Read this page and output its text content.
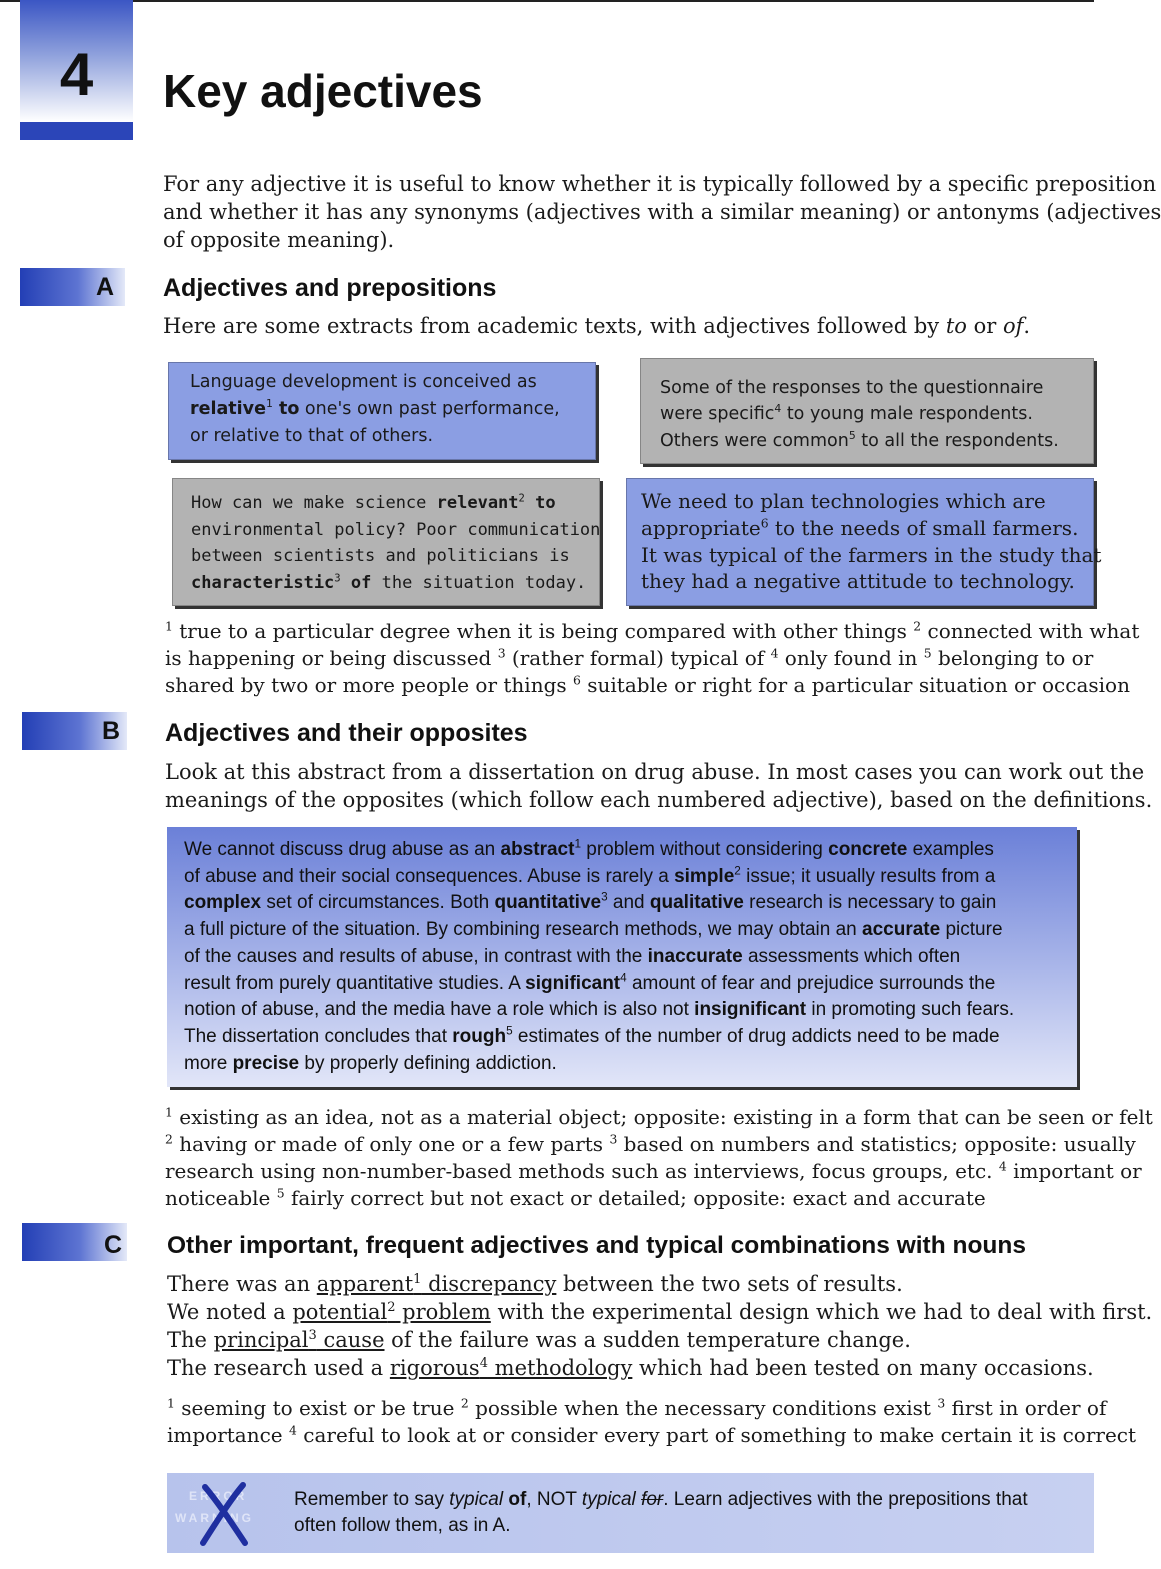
4	Key adjectives
For any adjective it is useful to know whether it is typically followed by a specific preposition
and whether it has any synonyms (adjectives with a similar meaning) or antonyms (adjectives
of opposite meaning).
A Adjectives and prepositions
Here are some extracts from academic texts, with adjectives followed by to or of.
Language development is conceived as
relative$^1$ to one's own past performance,
or relative to that of others.
Some of the responses to the questionnaire
were specific$^4$ to young male respondents.
Others were common$^5$ to all the respondents.
How can we make science relevant$^2$ to
environmental policy? Poor communication
between scientists and politicians is
characteristic$^3$ of the situation today.
We need to plan technologies which are
appropriate$^6$ to the needs of small farmers.
It was typical of the farmers in the study that
they had a negative attitude to technology.
$^1$ true to a particular degree when it is being compared with other things $^2$ connected with what
is happening or being discussed $^3$ (rather formal) typical of $^4$ only found in $^5$ belonging to or
shared by two or more people or things $^6$ suitable or right for a particular situation or occasion
B Adjectives and their opposites
Look at this abstract from a dissertation on drug abuse. In most cases you can work out the
meanings of the opposites (which follow each numbered adjective), based on the definitions.
We cannot discuss drug abuse as an abstract$^1$ problem without considering concrete examples
of abuse and their social consequences. Abuse is rarely a simple$^2$ issue; it usually results from a
complex set of circumstances. Both quantitative$^3$ and qualitative research is necessary to gain
a full picture of the situation. By combining research methods, we may obtain an accurate picture
of the causes and results of abuse, in contrast with the inaccurate assessments which often
result from purely quantitative studies. A significant$^4$ amount of fear and prejudice surrounds the
notion of abuse, and the media have a role which is also not insignificant in promoting such fears.
The dissertation concludes that rough$^5$ estimates of the number of drug addicts need to be made
more precise by properly defining addiction.
$^1$ existing as an idea, not as a material object; opposite: existing in a form that can be seen or felt
$^2$ having or made of only one or a few parts $^3$ based on numbers and statistics; opposite: usually
research using non-number-based methods such as interviews, focus groups, etc. $^4$ important or
noticeable $^5$ fairly correct but not exact or detailed; opposite: exact and accurate
C Other important, frequent adjectives and typical combinations with nouns
There was an apparent$^1$ discrepancy between the two sets of results.
We noted a potential$^2$ problem with the experimental design which we had to deal with first.
The principal$^3$ cause of the failure was a sudden temperature change.
The research used a rigorous$^4$ methodology which had been tested on many occasions.
$^1$ seeming to exist or be true $^2$ possible when the necessary conditions exist $^3$ first in order of
importance $^4$ careful to look at or consider every part of something to make certain it is correct
ERROR
WARNING
Remember to say typical of, NOT typical for. Learn adjectives with the prepositions that
often follow them, as in A.
